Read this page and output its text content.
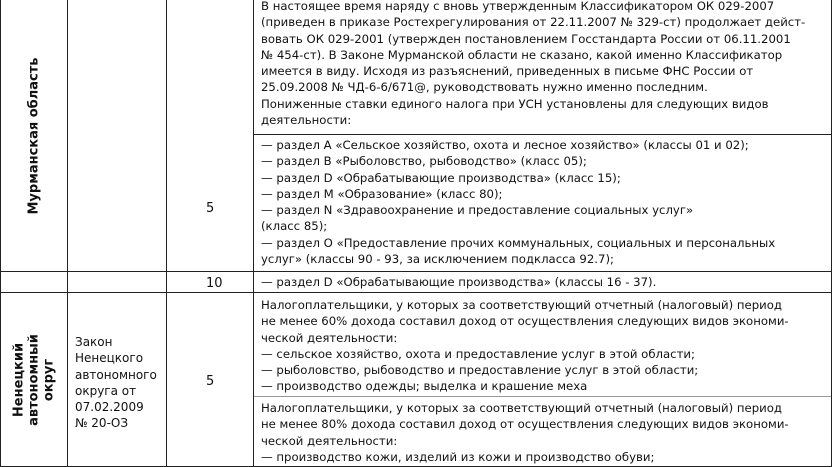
Мурманская область
В настоящее время наряду с вновь утвержденным Классификатором ОК 029-2007
(приведен в приказе Ростехрегулирования от 22.11.2007 № 329-ст) продолжает дейст-
вовать ОК 029-2001 (утвержден постановлением Госстандарта России от 06.11.2001
№ 454-ст). В Законе Мурманской области не сказано, какой именно Классификатор
имеется в виду. Исходя из разъяснений, приведенных в письме ФНС России от
25.09.2008 № ЧД-6-6/671@, руководствовать нужно именно последним.
Пониженные ставки единого налога при УСН установлены для следующих видов
деятельности:
5
— раздел А «Сельское хозяйство, охота и лесное хозяйство» (классы 01 и 02);
— раздел В «Рыболовство, рыбоводство» (класс 05);
— раздел D «Обрабатывающие производства» (класс 15);
— раздел М «Образование» (класс 80);
— раздел N «Здравоохранение и предоставление социальных услуг»
(класс 85);
— раздел О «Предоставление прочих коммунальных, социальных и персональных
услуг» (классы 90 - 93, за исключением подкласса 92.7);
10	— раздел D «Обрабатывающие производства» (классы 16 - 37).
Ненецкий автономный округ
Закон
Ненецкого
автономного
округа от
07.02.2009
№ 20-ОЗ
5
Налогоплательщики, у которых за соответствующий отчетный (налоговый) период
не менее 60% дохода составил доход от осуществления следующих видов экономи-
ческой деятельности:
— сельское хозяйство, охота и предоставление услуг в этой области;
— рыболовство, рыбоводство и предоставление услуг в этой области;
— производство одежды; выделка и крашение меха
Налогоплательщики, у которых за соответствующий отчетный (налоговый) период
не менее 80% дохода составил доход от осуществления следующих видов экономи-
ческой деятельности:
— производство кожи, изделий из кожи и производство обуви;
